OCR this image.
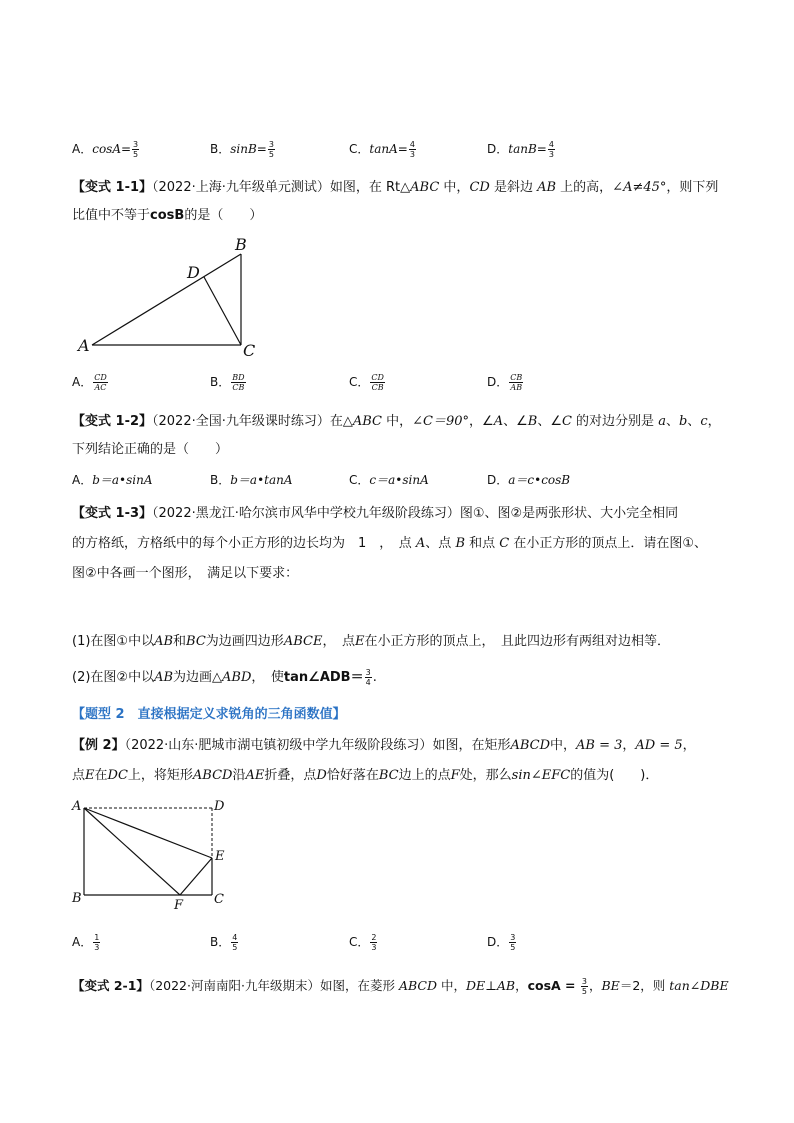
A．$\cos A= \frac{3}{5}$	B．$\sin B= \frac{3}{5}$	C．$\tan A= \frac{4}{3}$	D．$\tan B= \frac{4}{3}$
【变式 1-1】（2022·上海·九年级单元测试）如图，在 Rt△ABC 中，CD 是斜边 AB 上的高，∠A≠45°，则下列
比值中不等于cosB的是（　　）
A
B
C
D
A． $\frac{CD}{AC}$	B． $\frac{BD}{CB}$	C． $\frac{CD}{CB}$	D． $\frac{CB}{AB}$
【变式 1-2】（2022·全国·九年级课时练习）在△ABC 中，∠C＝90°，∠A、∠B、∠C 的对边分别是 a、b、c，
下列结论正确的是（　　）
A．b＝a•sinA	B．b＝a•tanA	C．c＝a•sinA	D．a＝c•cosB
【变式 1-3】（2022·黑龙江·哈尔滨市风华中学校九年级阶段练习）图①、图②是两张形状、大小完全相同
的方格纸，方格纸中的每个小正方形的边长均为　1　，　点 A、点 B 和点 C 在小正方形的顶点上．请在图①、
图②中各画一个图形，　满足以下要求：
(1)在图①中以AB和BC为边画四边形ABCE，　点E在小正方形的顶点上，　且此四边形有两组对边相等．
(2)在图②中以AB为边画△ABD，　使tan∠ADB＝ $\frac{3}{4}$ .
【题型 2　直接根据定义求锐角的三角函数值】
【例 2】（2022·山东·肥城市湖屯镇初级中学九年级阶段练习）如图，在矩形ABCD中，AB = 3，AD = 5，
点E在DC上，将矩形ABCD沿AE折叠，点D恰好落在BC边上的点F处，那么sin∠EFC的值为(　　)．
A
B	C
D
E
F
A． $\frac{1}{3}$	B． $\frac{4}{5}$	C． $\frac{2}{3}$	D． $\frac{3}{5}$
【变式 2-1】（2022·河南南阳·九年级期末）如图，在菱形 ABCD 中，DE⊥AB，$\cos A = \frac{3}{5}$ ，BE＝2，则 tan∠DBE
